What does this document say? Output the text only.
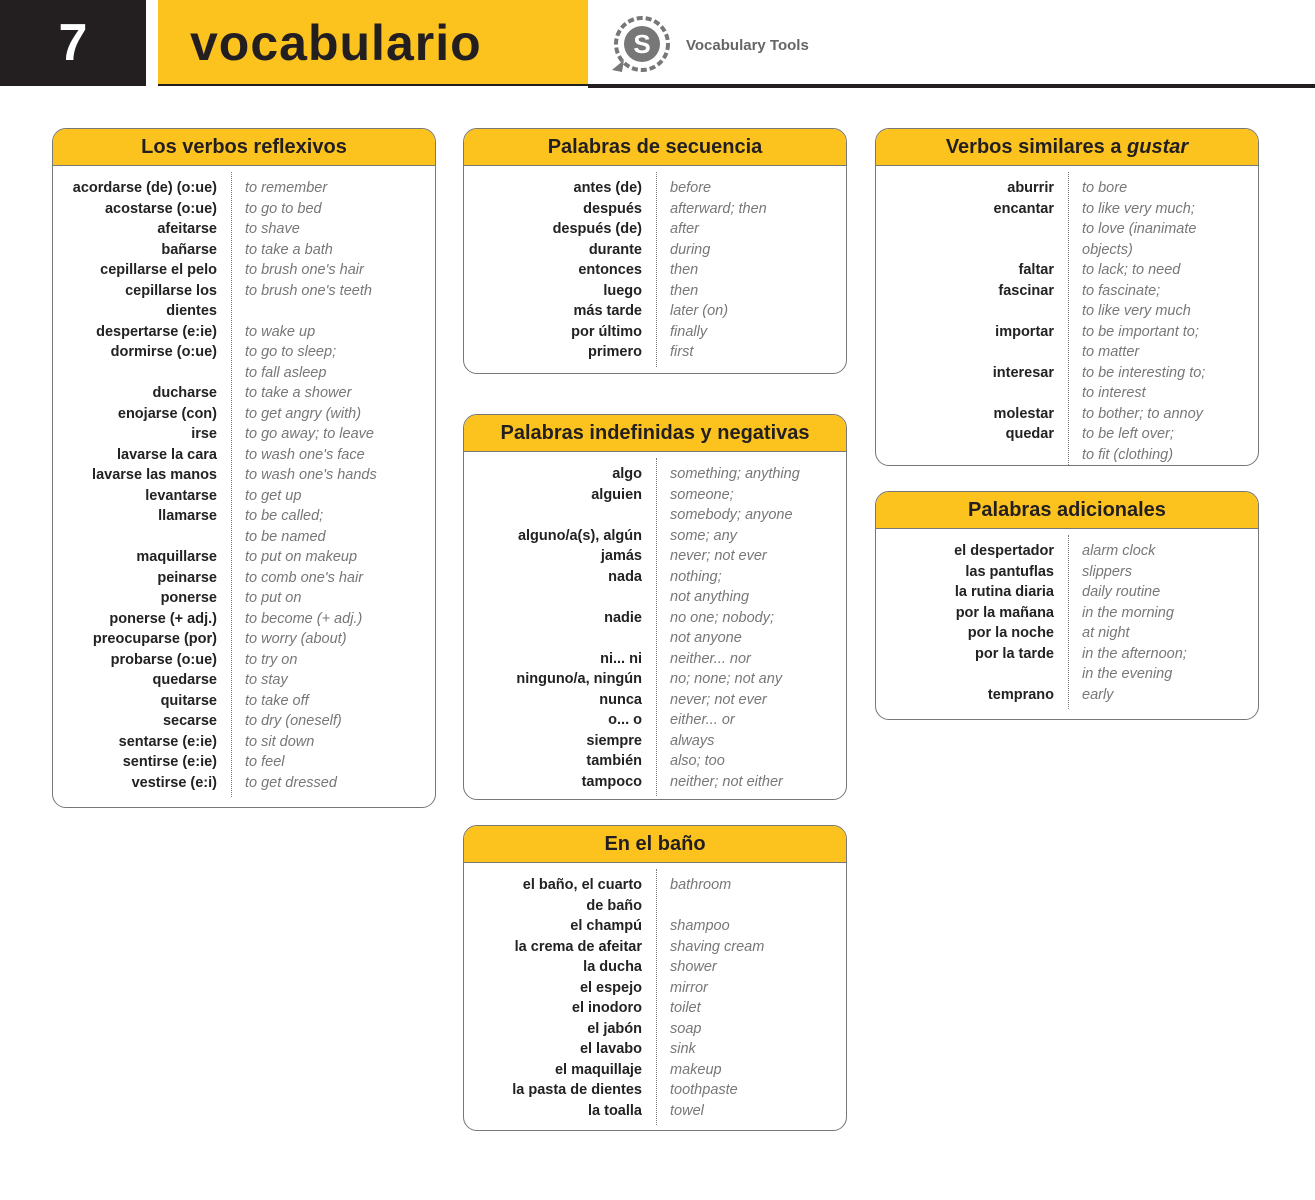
7	vocabulario	S Vocabulary Tools
Los verbos reflexivos
acordarse (de) (o:ue) to remember
acostarse (o:ue) to go to bed
afeitarse to shave
bañarse to take a bath
cepillarse el pelo to brush one's hair
cepillarse los
dientes
to brush one's teeth
despertarse (e:ie) to wake up
dormirse (o:ue) to go to sleep;
to fall asleep
ducharse to take a shower
enojarse (con) to get angry (with)
irse to go away; to leave
lavarse la cara to wash one's face
lavarse las manos to wash one's hands
levantarse to get up
llamarse to be called;
to be named
maquillarse to put on makeup
peinarse to comb one's hair
ponerse to put on
ponerse (+ adj.) to become (+ adj.)
preocuparse (por) to worry (about)
probarse (o:ue) to try on
quedarse to stay
quitarse to take off
secarse to dry (oneself)
sentarse (e:ie) to sit down
sentirse (e:ie) to feel
vestirse (e:i) to get dressed
Palabras de secuencia
antes (de) before
después afterward; then
después (de) after
durante during
entonces then
luego then
más tarde later (on)
por último finally
primero first
Palabras indefinidas y negativas
algo something; anything
alguien someone;
somebody; anyone
alguno/a(s), algún some; any
jamás never; not ever
nada nothing;
not anything
nadie no one; nobody;
not anyone
ni... ni neither... nor
ninguno/a, ningún no; none; not any
nunca never; not ever
o... o either... or
siempre always
también also; too
tampoco neither; not either
En el baño
el baño, el cuarto
de baño
bathroom
el champú shampoo
la crema de afeitar shaving cream
la ducha shower
el espejo mirror
el inodoro toilet
el jabón soap
el lavabo sink
el maquillaje makeup
la pasta de dientes toothpaste
la toalla towel
Verbos similares a
gustar
aburrir to bore
encantar to like very much;
to love (inanimate
objects)
faltar to lack; to need
fascinar to fascinate;
to like very much
importar to be important to;
to matter
interesar to be interesting to;
to interest
molestar to bother; to annoy
quedar to be left over;
to fit (clothing)
Palabras adicionales
el despertador alarm clock
las pantuflas slippers
la rutina diaria daily routine
por la mañana in the morning
por la noche at night
por la tarde in the afternoon;
in the evening
temprano early
